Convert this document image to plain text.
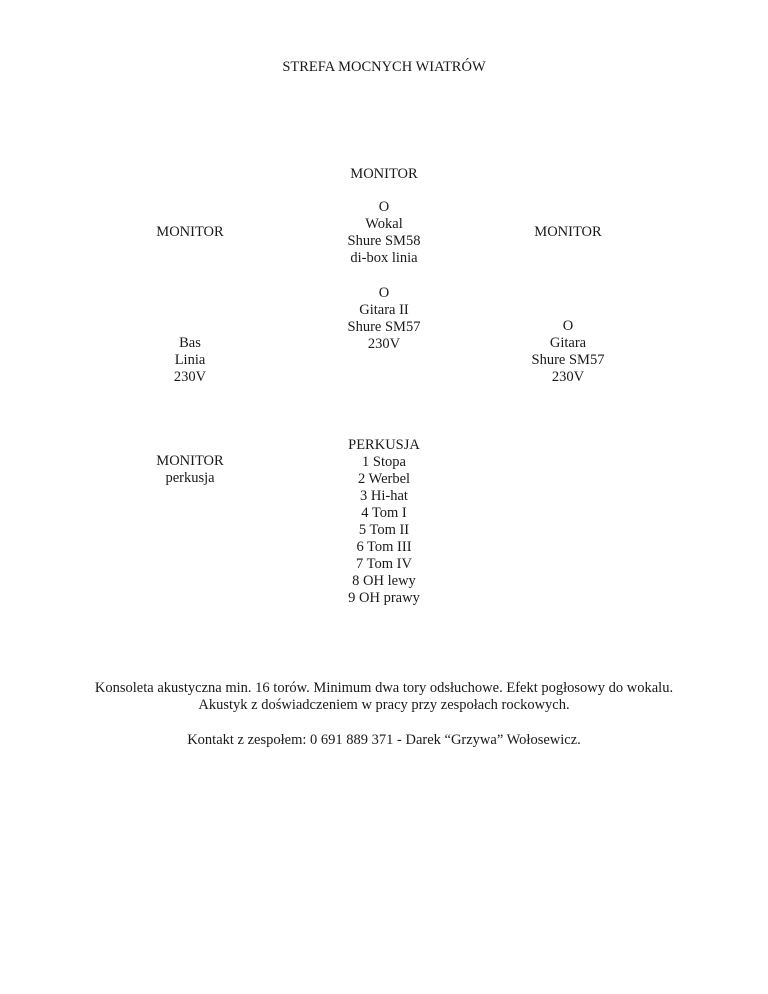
STREFA MOCNYCH WIATRÓW
MONITOR
MONITOR
O
Wokal
Shure SM58
di-box linia
MONITOR
O
Gitara II
Shure SM57
230V
Bas
Linia
230V
O
Gitara
Shure SM57
230V
MONITOR
perkusja
PERKUSJA
1 Stopa
2 Werbel
3 Hi-hat
4 Tom I
5 Tom II
6 Tom III
7 Tom IV
8 OH lewy
9 OH prawy
Konsoleta akustyczna min. 16 torów. Minimum dwa tory odsłuchowe. Efekt pogłosowy do wokalu.
Akustyk z doświadczeniem w pracy przy zespołach rockowych.
Kontakt z zespołem: 0 691 889 371 - Darek “Grzywa” Wołosewicz.
